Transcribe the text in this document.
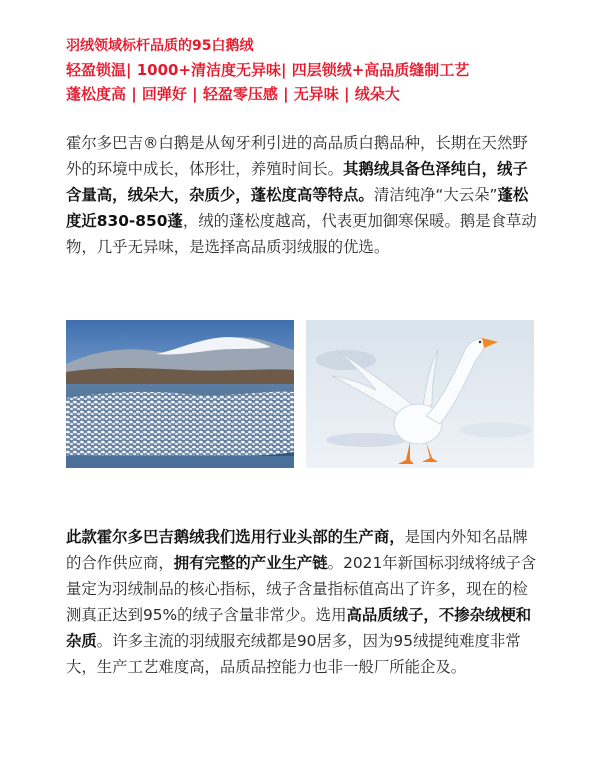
羽绒领域标杆品质的95白鹅绒
轻盈锁温| 1000+清洁度无异味| 四层锁绒+高品质缝制工艺
蓬松度高 | 回弹好 | 轻盈零压感 | 无异味 | 绒朵大
霍尔多巴吉®白鹅是从匈牙利引进的高品质白鹅品种，长期在天然野外的环境中成长，体形壮，养殖时间长。其鹅绒具备色泽纯白，绒子含量高，绒朵大，杂质少，蓬松度高等特点。清洁纯净“大云朵”蓬松度近830-850蓬，绒的蓬松度越高，代表更加御寒保暖。鹅是食草动物，几乎无异味，是选择高品质羽绒服的优选。
此款霍尔多巴吉鹅绒我们选用行业头部的生产商，是国内外知名品牌的合作供应商，拥有完整的产业生产链。2021年新国标羽绒将绒子含量定为羽绒制品的核心指标，绒子含量指标值高出了许多，现在的检测真正达到95%的绒子含量非常少。选用高品质绒子，不掺杂绒梗和杂质。许多主流的羽绒服充绒都是90居多，因为95绒提纯难度非常大，生产工艺难度高，品质品控能力也非一般厂所能企及。
